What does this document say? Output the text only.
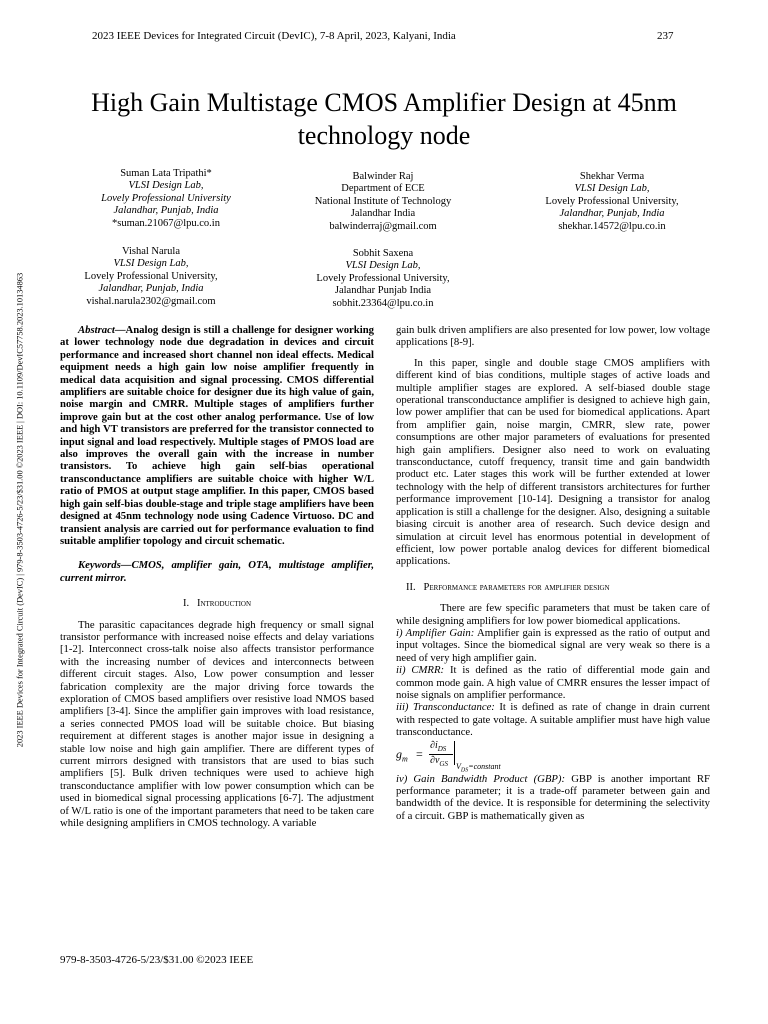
2023 IEEE Devices for Integrated Circuit (DevIC), 7-8 April, 2023, Kalyani, India	237
2023 IEEE Devices for Integrated Circuit (DevIC) | 979-8-3503-4726-5/23/$31.00 ©2023 IEEE | DOI: 10.1109/DevIC57758.2023.10134863
High Gain Multistage CMOS Amplifier Design at 45nm technology node
Suman Lata Tripathi*
VLSI Design Lab,
Lovely Professional University
Jalandhar, Punjab, India
*suman.21067@lpu.co.in
Balwinder Raj
Department of ECE
National Institute of Technology
Jalandhar India
balwinderraj@gmail.com
Shekhar Verma
VLSI Design Lab,
Lovely Professional University,
Jalandhar, Punjab, India
shekhar.14572@lpu.co.in
Vishal Narula
VLSI Design Lab,
Lovely Professional University,
Jalandhar, Punjab, India
vishal.narula2302@gmail.com
Sobhit Saxena
VLSI Design Lab,
Lovely Professional University,
Jalandhar Punjab India
sobhit.23364@lpu.co.in

Abstract—Analog design is still a challenge for designer working at lower technology node due degradation in devices and circuit performance and increased short channel non ideal effects. Medical equipment needs a high gain low noise amplifier frequently in medical data acquisition and signal processing. CMOS differential amplifiers are suitable choice for designer due its high value of gain, noise margin and CMRR. Multiple stages of amplifiers further improve gain but at the cost other analog performance. Use of low and high VT transistors are preferred for the transistor connected to input signal and load respectively. Multiple stages of PMOS load are also improves the overall gain with the increase in number transistors. To achieve high gain self-bias operational transconductance amplifiers are suitable choice with higher W/L ratio of PMOS at output stage amplifier. In this paper, CMOS based high gain self-bias double-stage and triple stage amplifiers have been designed at 45nm technology node using Cadence Virtuoso. DC and transient analysis are carried out for performance evaluation to find suitable amplifier topology and circuit schematic.

Keywords—CMOS, amplifier gain, OTA, multistage amplifier, current mirror.

I. Introduction

The parasitic capacitances degrade high frequency or small signal transistor performance with increased noise effects and delay variations [1-2]. Interconnect cross-talk noise also affects transistor performance with the increasing number of devices and interconnects between different circuit stages. Also, Low power consumption and lesser fabrication complexity are the major driving force towards the exploration of CMOS based amplifiers over resistive load NMOS based amplifiers [3-4]. Since the amplifier gain improves with load resistance, a series connected PMOS load will be suitable choice. But biasing requirement at different stages is another major issue in designing a stable low noise and high gain amplifier. There are different types of current mirrors designed with transistors that are used to bias such amplifiers [5]. Bulk driven techniques were used to achieve high transconductance amplifier with low power consumption which can be used in biomedical signal processing applications [6-7]. The adjustment of W/L ratio is one of the important parameters that need to be taken care while designing amplifiers in CMOS technology. A variable

gain bulk driven amplifiers are also presented for low power, low voltage applications [8-9].

In this paper, single and double stage CMOS amplifiers with different kind of bias conditions, multiple stages of active loads and multiple amplifier stages are explored. A self-biased double stage operational transconductance amplifier is designed to achieve high gain, low power amplifier that can be used for biomedical applications. Apart from amplifier gain, noise margin, CMRR, slew rate, power consumptions are other major parameters of evaluations for presented high gain amplifiers. Designer also need to work on evaluating transconductance, cutoff frequency, transit time and gain bandwidth product etc. Later stages this work will be further extended at lower technology with the help of different transistors architectures for further performance improvement [10-14]. Designing a transistor for analog application is still a challenge for the designer. Also, designing a suitable biasing circuit is another area of research. Such device design and simulation at circuit level has enormous potential in development of efficient, low power portable analog devices for different biomedical applications.

II. Performance parameters for amplifier design

There are few specific parameters that must be taken care of while designing amplifiers for low power biomedical applications.

i) Amplifier Gain: Amplifier gain is expressed as the ratio of output and input voltages. Since the biomedical signal are very weak so there is a need of very high amplifier gain.

ii) CMRR: It is defined as the ratio of differential mode gain and common mode gain. A high value of CMRR ensures the lesser impact of noise signals on amplifier performance.

iii) Transconductance: It is defined as rate of change in drain current with respected to gate voltage. A suitable amplifier must have high value transconductance.

$g_m$ =
$\partial i_{DS}$
$\partial v_{GS}$ $V_{DS}=constant$

iv) Gain Bandwidth Product (GBP): GBP is another important RF performance parameter; it is a trade-off parameter between gain and bandwidth of the device. It is responsible for determining the selectivity of a circuit. GBP is mathematically given as

979-8-3503-4726-5/23/$31.00 ©2023 IEEE
